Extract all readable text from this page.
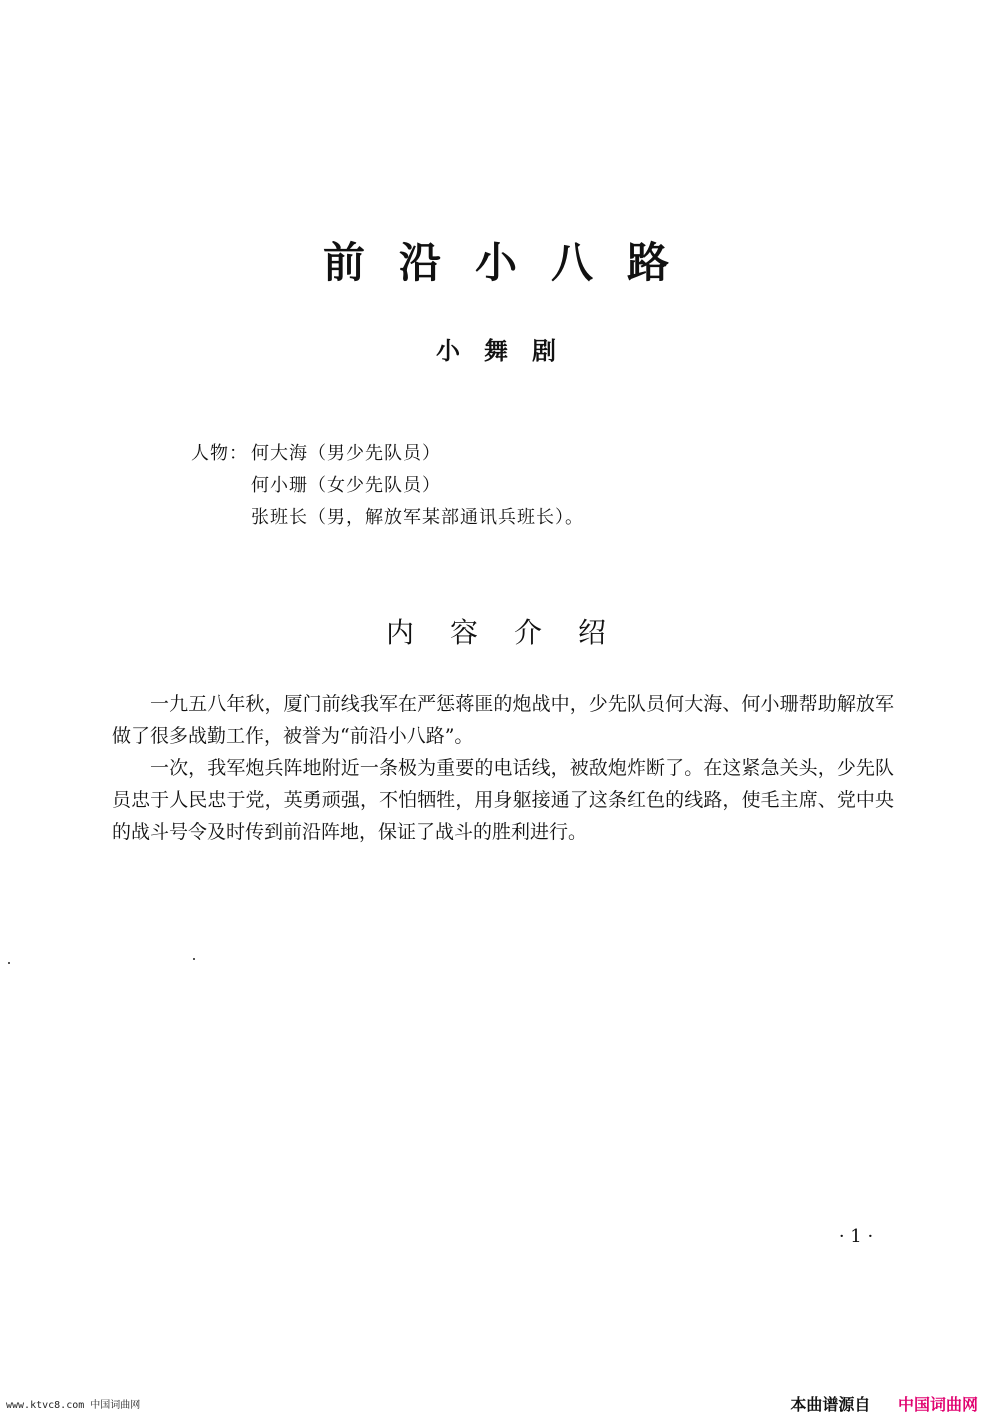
前沿小八路
小舞剧
人物： 何大海（男少先队员）
何小珊（女少先队员）
张班长（男，解放军某部通讯兵班长）。
内容介绍

一九五八年秋，厦门前线我军在严惩蒋匪的炮战中，少先队员何大海、何小珊帮助解放军做了很多战勤工作，被誉为“前沿小八路”。

一次，我军炮兵阵地附近一条极为重要的电话线，被敌炮炸断了。在这紧急关头，少先队员忠于人民忠于党，英勇顽强，不怕牺牲，用身躯接通了这条红色的线路，使毛主席、党中央的战斗号令及时传到前沿阵地，保证了战斗的胜利进行。

· 1 ·
www.ktvc8.com 中国词曲网	本曲谱源自 中国词曲网
